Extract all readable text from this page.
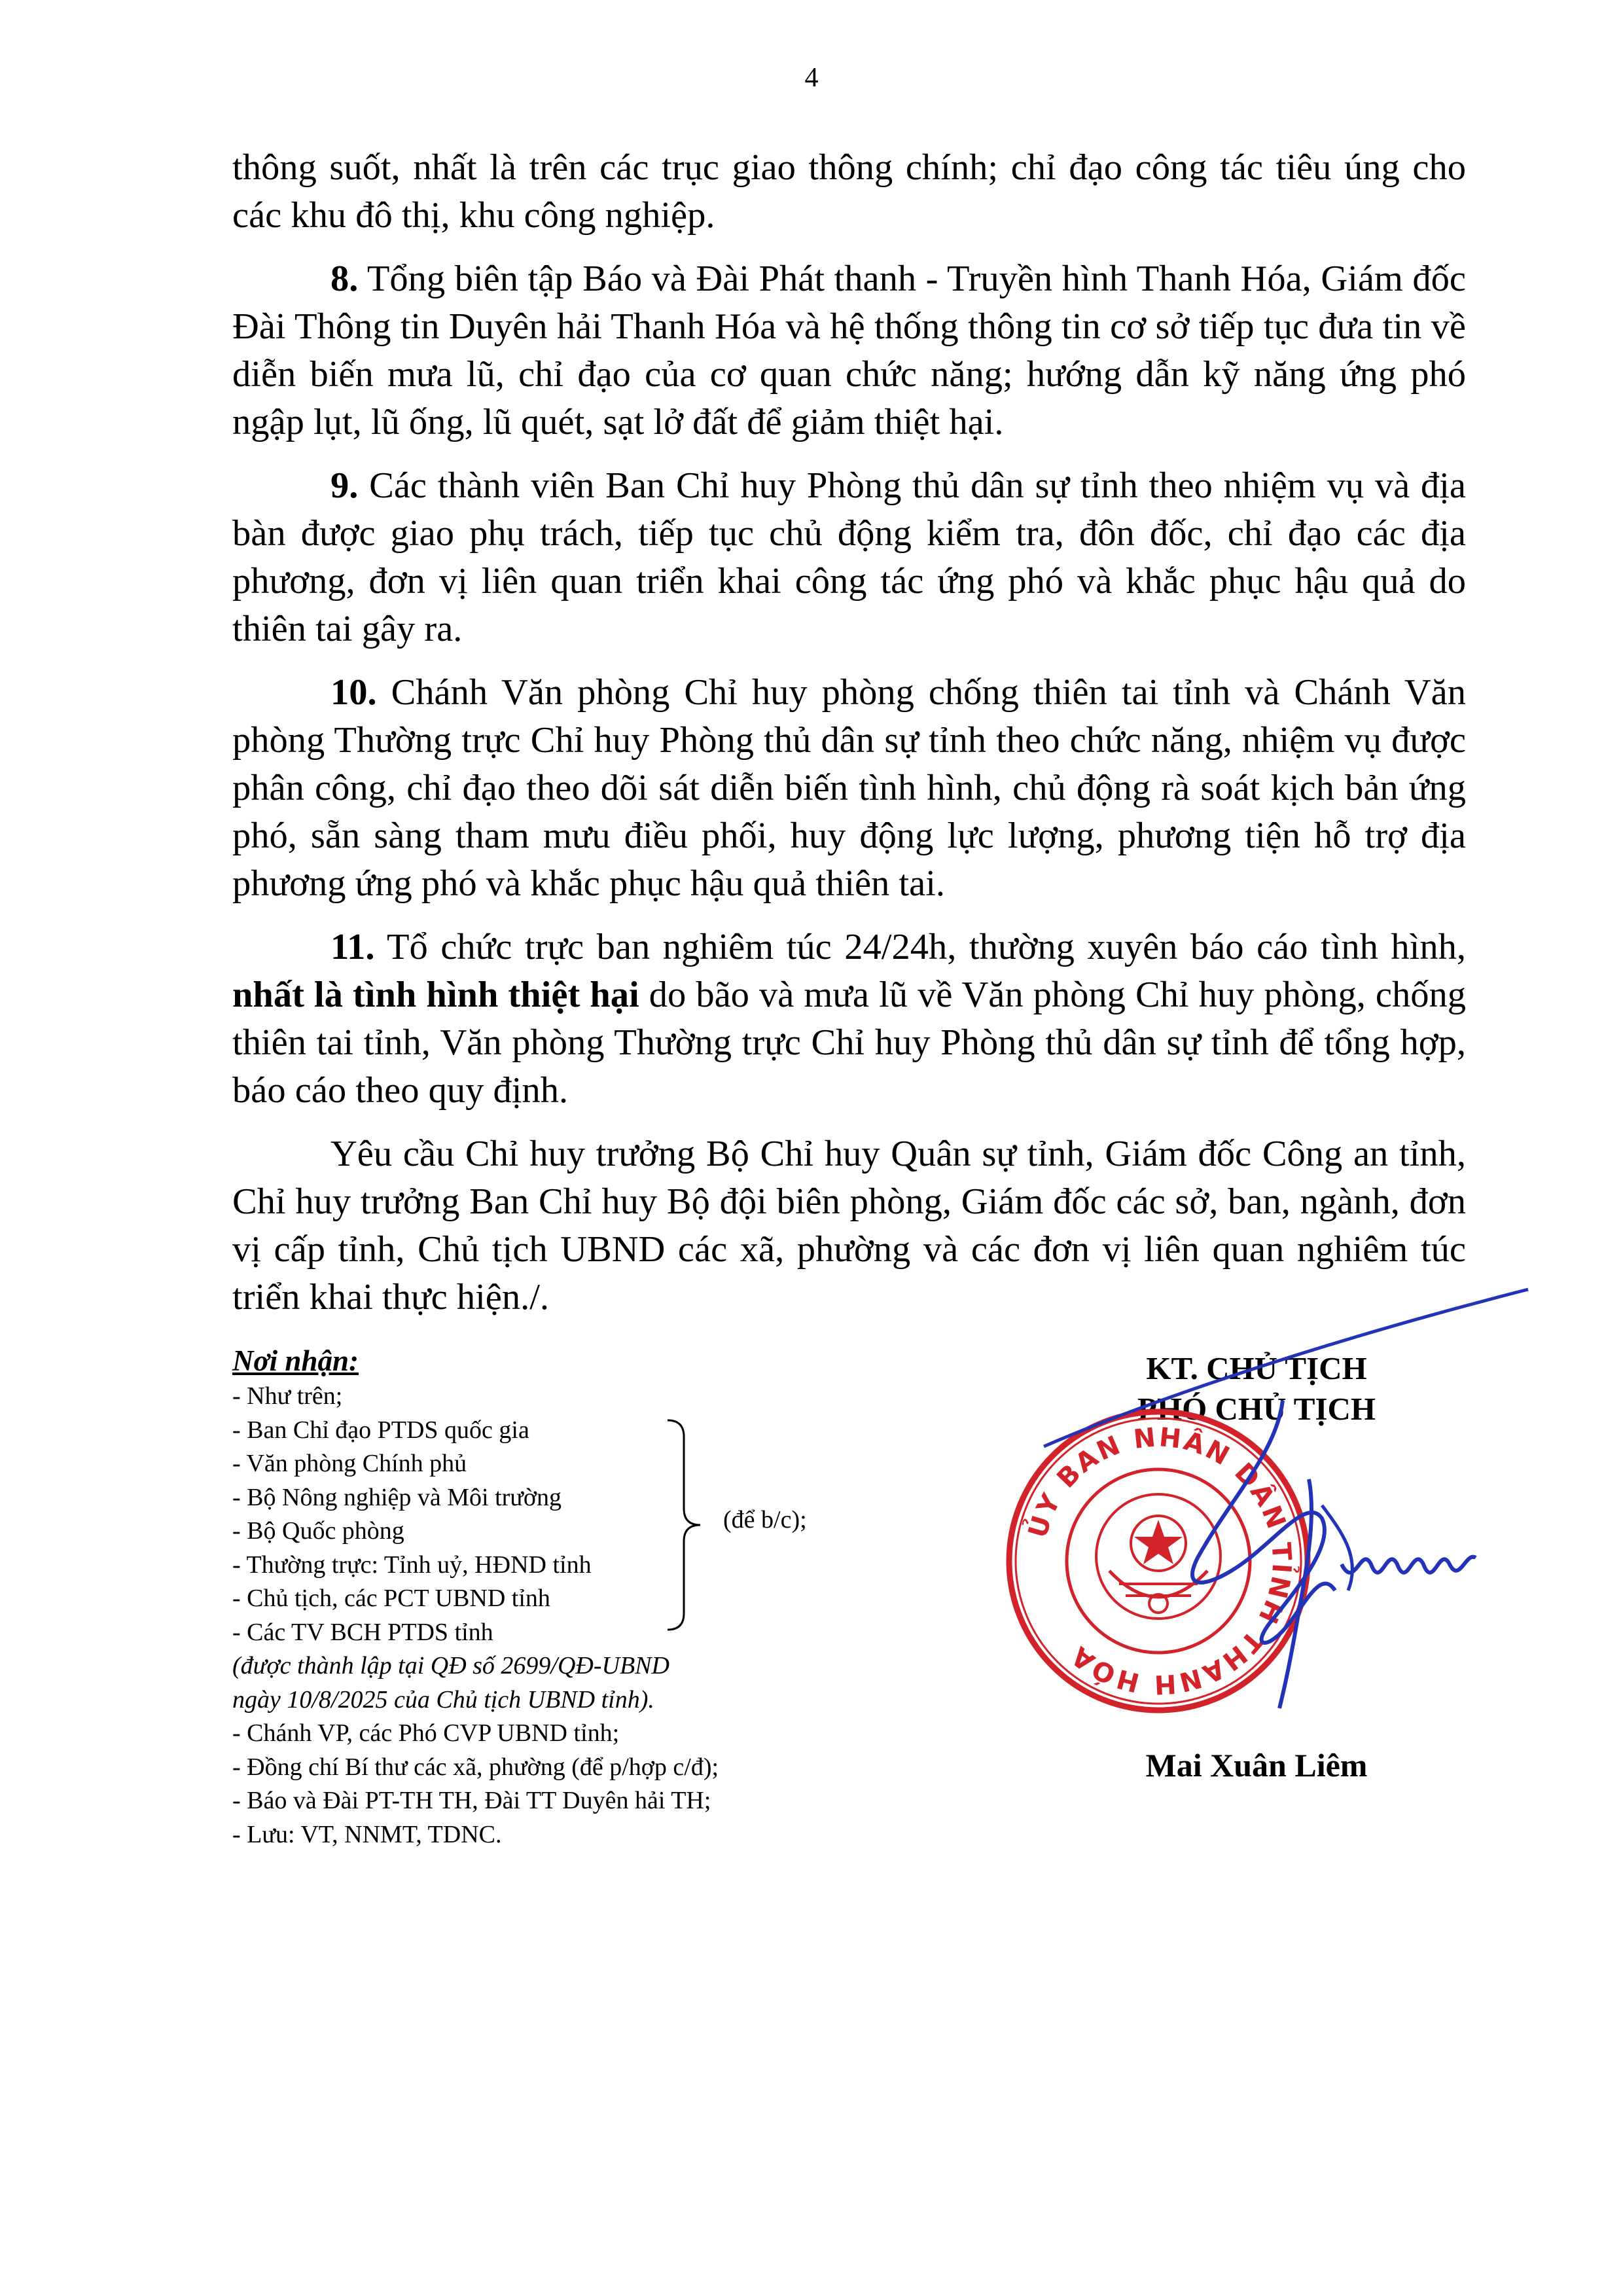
4

thông suốt, nhất là trên các trục giao thông chính; chỉ đạo công tác tiêu úng cho các khu đô thị, khu công nghiệp.

8. Tổng biên tập Báo và Đài Phát thanh - Truyền hình Thanh Hóa, Giám đốc Đài Thông tin Duyên hải Thanh Hóa và hệ thống thông tin cơ sở tiếp tục đưa tin về diễn biến mưa lũ, chỉ đạo của cơ quan chức năng; hướng dẫn kỹ năng ứng phó ngập lụt, lũ ống, lũ quét, sạt lở đất để giảm thiệt hại.

9. Các thành viên Ban Chỉ huy Phòng thủ dân sự tỉnh theo nhiệm vụ và địa bàn được giao phụ trách, tiếp tục chủ động kiểm tra, đôn đốc, chỉ đạo các địa phương, đơn vị liên quan triển khai công tác ứng phó và khắc phục hậu quả do thiên tai gây ra.

10. Chánh Văn phòng Chỉ huy phòng chống thiên tai tỉnh và Chánh Văn phòng Thường trực Chỉ huy Phòng thủ dân sự tỉnh theo chức năng, nhiệm vụ được phân công, chỉ đạo theo dõi sát diễn biến tình hình, chủ động rà soát kịch bản ứng phó, sẵn sàng tham mưu điều phối, huy động lực lượng, phương tiện hỗ trợ địa phương ứng phó và khắc phục hậu quả thiên tai.

11. Tổ chức trực ban nghiêm túc 24/24h, thường xuyên báo cáo tình hình, nhất là tình hình thiệt hại do bão và mưa lũ về Văn phòng Chỉ huy phòng, chống thiên tai tỉnh, Văn phòng Thường trực Chỉ huy Phòng thủ dân sự tỉnh để tổng hợp, báo cáo theo quy định.

Yêu cầu Chỉ huy trưởng Bộ Chỉ huy Quân sự tỉnh, Giám đốc Công an tỉnh, Chỉ huy trưởng Ban Chỉ huy Bộ đội biên phòng, Giám đốc các sở, ban, ngành, đơn vị cấp tỉnh, Chủ tịch UBND các xã, phường và các đơn vị liên quan nghiêm túc triển khai thực hiện./.

Nơi nhận:
- Như trên;
- Ban Chỉ đạo PTDS quốc gia
- Văn phòng Chính phủ
- Bộ Nông nghiệp và Môi trường
- Bộ Quốc phòng
- Thường trực: Tỉnh uỷ, HĐND tỉnh
- Chủ tịch, các PCT UBND tỉnh
- Các TV BCH PTDS tỉnh
(được thành lập tại QĐ số 2699/QĐ-UBND
ngày 10/8/2025 của Chủ tịch UBND tỉnh).
- Chánh VP, các Phó CVP UBND tỉnh;
- Đồng chí Bí thư các xã, phường (để p/hợp c/đ);
- Báo và Đài PT-TH TH, Đài TT Duyên hải TH;
- Lưu: VT, NNMT, TDNC.
(để b/c);
KT. CHỦ TỊCH
PHÓ CHỦ TỊCH
ỦY BAN NHÂN DÂN TỈNH THANH HÓA
Mai Xuân Liêm
